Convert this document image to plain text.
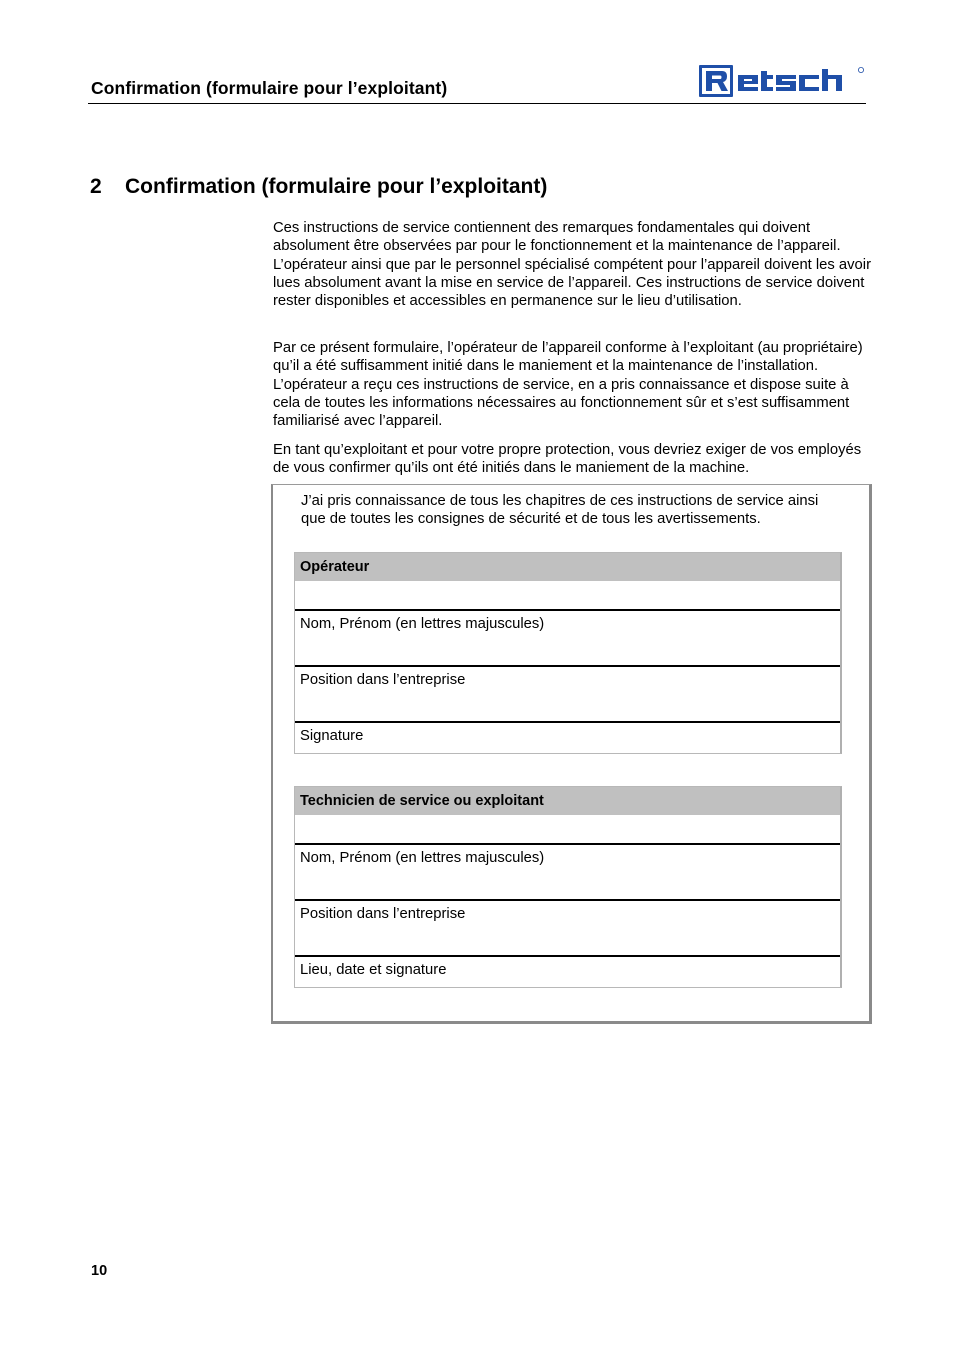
Confirmation (formulaire pour l’exploitant)
2 Confirmation (formulaire pour l’exploitant)

Ces instructions de service contiennent des remarques fondamentales qui doivent absolument être observées par pour le fonctionnement et la maintenance de l’appareil. L’opérateur ainsi que par le personnel spécialisé compétent pour l’appareil doivent les avoir lues absolument avant la mise en service de l’appareil. Ces instructions de service doivent rester disponibles et accessibles en permanence sur le lieu d’utilisation.

Par ce présent formulaire, l’opérateur de l’appareil conforme à l’exploitant (au propriétaire) qu’il a été suffisamment initié dans le maniement et la maintenance de l’installation. L’opérateur a reçu ces instructions de service, en a pris connaissance et dispose suite à cela de toutes les informations nécessaires au fonctionnement sûr et s’est suffisamment familiarisé avec l’appareil.

En tant qu’exploitant et pour votre propre protection, vous devriez exiger de vos employés de vous confirmer qu’ils ont été initiés dans le maniement de la machine.

J’ai pris connaissance de tous les chapitres de ces instructions de service ainsi que de toutes les consignes de sécurité et de tous les avertissements.

Opérateur
Nom, Prénom (en lettres majuscules)
Position dans l’entreprise
Signature
Technicien de service ou exploitant
Nom, Prénom (en lettres majuscules)
Position dans l’entreprise
Lieu, date et signature
10
